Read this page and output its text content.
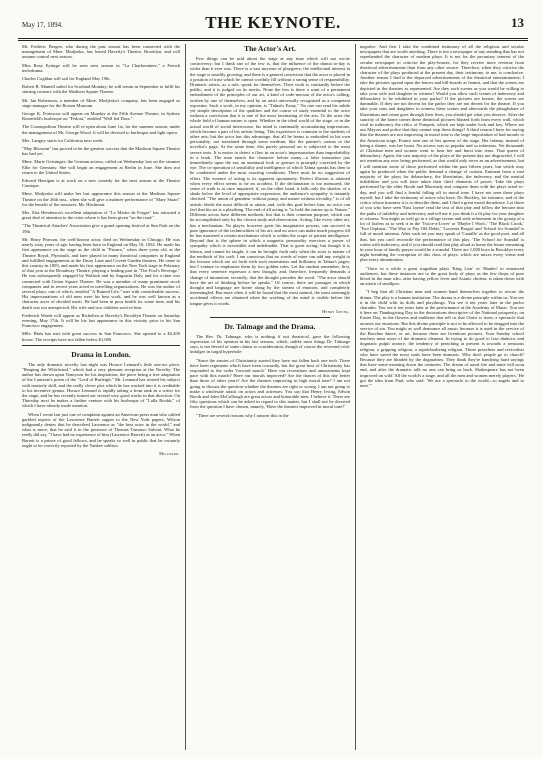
May 17, 1894.	THE KEYNOTE.	13

Mr. Frederic Bergen, who during the past season has been connected with the management of Mme. Modjeska, has leased Haverly's Theatre, Brooklyn, and will assume control next season.

Miss Rose Eytinge will be seen next season in "La Charbonniere," a French melodrama.

Charles Coghlan will sail for England May 19th.

Robert B. Mantell sailed for Scotland Monday; he will return in September to fulfil his starring contract with the Madison Square Theatre.

Mr. Ian Robertson, a member of Mme. Modjeska's company, has been engaged as stage manager for the Boston Museum.

George K. Fortescue will appear on Monday at the Fifth Avenue Theatre, in Sydney Rosenfeld's burlesque on "Fedora," entitled "Well fed Dora."

The Cosmopolitan Theatre will re-open about June 1st, for the summer season, under the management of Mr. George Wood. It will be devoted to burlesque and light opera.

Mrs. Langtry starts for California next week.

"May Blossom" has proved to be the greatest success that the Madison Square Theatre has had yet.

Mme. Marie Geistinger, the German actress, called on Wednesday last on the steamer Elbe for Germany. She will begin an engagement at Berlin in June. She does not return to the United States.

Edward Harrigan is at work on a new comedy for the next season at the Theatre Comique.

Mme. Modjeska will make her last appearance this season at the Madison Square Theatre on the 26th inst., when she will give a matinee performance of "Mary Stuart" for the benefit of the treasurer, Mr. Hitchman.

Mrs. Etta Henderson's excellent adaptation of "Le Maitre de Forges" has attracted a great deal of attention to the cities where it has been given "on the road."

"The Theatrical Attaches' Association give a grand opening festival at Sim Park on the 19th.

Mr. Harry Pearson, the well-known actor, died on Wednesday in Chicago. He was nearly sixty years of age, having been born in England on May 10, 1834. He made his first appearance on the stage as the child in "Pizarro," when three years old, at the Theatre Royal, Plymouth, and later played in many theatrical companies in England and fulfilled engagements at the Drury Lane and Covent Garden theatres. He came to this country in 1859, and made his first appearance on the New York stage in February of that year at the Broadway Theatre, playing a leading part in "The Fool's Revenge." He was subsequently engaged by Wallack and by Augustin Daly, and for a time was connected with Union Square Theatre. He was a member of many prominent stock companies and in recent years acted in travelling organizations. He was the author of several plays, one of which, entitled "A Ruined Life," met with considerable success. His impersonations of old men were his best work, and he was well known as a character actor of decided merit. He had been in poor health for some time, and his death was not unexpected. His wife and two children survive him.

Frederick Warde will appear as Richelieu at Haverly's Brooklyn Theatre on Saturday evening, May 17th. It will be his last appearance in this vicinity prior to his San Francisco engagement.

Mlle. Rhéa has met with great success in San Francisco. She opened to a $2,400 house. The receipts have not fallen below $1,000.

Drama in London.

The only dramatic novelty last night was Horace Lennard's little one-act piece, "Reaping the Whirlwind," which had a very pleasant reception at the Novelty. The author has drawn upon Tennyson for his inspiration, the piece being a free adaptation of the Laureate's poem of the "Lord of Burleigh." Mr. Lennard has treated his subject with masterly skill, and the really clever plot which he has worked into it is creditable to his inventive genius. Horace Lennard is rapidly taking a front rank as a writer for the stage, and he has recently turned out several very good works in that direction. On Thursday next he makes a further venture with his burlesque of "Lalla Rookh," of which I have already made mention.

When I wrote last just one of complaint against an American press man who cabled garbled reports of the Lawrence Barrett supper to the New York papers. Wilson indignantly denies that he described Lawrence as "the best actor in the world," and what is more, that he said it in the presence of Thomas Tomasso Salvini. What he really did say, "I have had no experience of him (Lawrence Barrett) as an actor." When Barrett is a prince of good fellows, and he speaks so well in public that he certainly ought to be correctly reported by the Yankee cablists.

Millward.
The Actor's Art.

Few things can be said about the stage at any time which will not excite controversy; but I think one of the few is, that the influence of the drama to-day is wider than it ever was. There is a vast increase of playgoers; the intellectual interest in the stage is steadily growing; and there is a general conviction that the actor is placed in a position of trust which he cannot worthily fill without a strong sense of responsibility. Dramatic artists, as a rule, speak for themselves. Their work is constantly before the public, and it is judged on its merits. None the less is there a want of a permanent embodiment of the principles of our art, a kind of code-mecum of the actor's calling, written by one of themselves, and by an artist universally recognized as a competent expositor. Such a work, in my opinion, is "Talma's Essay." No one can read his subtle yet simple description of the qualities and the course of study essential to the actor without a conviction that it is one of the most fascinating of the arts. To the actor the whole field of human nature is open. Whether in the ideal world of the stage, or in the actual world of social intercourse, his mind is continually accumulating impressions, which become a part of his artistic being. This experience is common to the students of other arts; but the actor has this advantage, that all he learns is embodied in his own personality, not translated through some medium, like the painter's canvas or the novelist's page. At the same time, this purely personal art is subjected to the most severe tests. It is easier to detect a flaw in an actor's impersonation than improbability in a book. The man enacts the character before many—a false intonation jars immediately upon the ear, an unnatural look or gesture is promptly corrected by the eye. The co-operation of sensibility and intelligence of which Talma speaks has then to be condensed under the most exacting conditions. There must be no suggestion of effort. The essence of acting is its apparent spontaneity. Perfect illusion is attained when every effect seems to be an accident. If the declamation is too measured, the sense of truth is at once impaired; if, on the other hand, it falls only the shadow of a shade below the level of appropriate expression, the audience's sympathy is instantly checked. "The union of grandeur without pomp, and nature without triviality," is of all artistic ideals the most difficult to attain; and, with this goal before him, no actor can feel that his art is a plaything. The end of all acting is "to hold the mirror up to Nature." Different actors have different methods, but that is their common purpose, which can be accomplished only by the closest study and observation. Acting, like every other art, has a mechanism. No player, however great his imaginative powers, can succeed in pure ignorance of the technicalities of his art; and no actor can make much progress till he has mastered a certain mechanism which is within the scope of patient intelligence. Beyond that is the sphere in which a magnetic personality exercises a power of sympathy which is irresistible and indefinable. That is great acting; but though it is inborn, and cannot be taught, it can be brought forth only when the actor is master of the methods of his craft. I am conscious that no words of mine can add any weight to the lessons which are set forth with such earnestness and brilliancy in Talma's pages; but I venture to emphasize them by two golden rules. Let the student remember, first, that every sentence expresses a new thought, and, therefore, frequently demands a change of intonation; secondly, that the thought precedes the word. "The actor should have the art of thinking before he speaks." Of course, there are passages in which thought and language are borne along by the stream of emotion, and completely intermingled. But more often it will be found that the most natural, the most seemingly accidental effects are obtained when the working of the mind is visible before the tongue gives it words.

Henry Irving.
Dr. Talmage and the Drama.

The Rev. Dr. Talmage, who is nothing if not theatrical, gave the following expression of his opinion in his last sermon, which, unlike most things Dr. Talmage says, is not devoid of some claims to consideration, though of course the reverend critic indulges in turgid hyperbole:

"Since the armies of Christianity started they have not fallen back one inch. There have been regiments which have been cowardly, but the great host of Christianity has responded to the order 'forward march.' Have our recreations and amusements kept pace with this march? Have our morals improved? Are the dances of this day better than those of other years? Are the theatres improving in high moral tone? I am not going to discuss the question whether the theatres are right or wrong. I am not going to make a wholesale attack on actors and actresses. You say that Henry Irving, Edwin Booth and John McCullough are great actors and honorable men. I believe it. There are fifty questions which can be asked in regard to this matter, but I shall not be diverted from the question I have chosen, namely, 'Have the theatres improved in moral tone?'

"There are several reasons why I answer this in the

negative. And first I take the combined testimony of all the religious and secular newspapers that are worth anything. There is not a newspaper of any standing that has not reprehended the character of modern plays. It is not for the pecuniary interest of the secular newspaper to criticise the play-houses, for they receive more revenue from theatrical advertisements than from any other source. Therefore, when they criticise the character of the plays produced at the present day, their testimony, to me, is conclusive. Another reason I find is the depraved advertisements of the theatrical entertainments; I take the pictures spread upon the fences and bill-boards as honest, and that the scenes are depicted in the theatres as represented. Are they such scenes as you would be willing to take your wife and daughter to witness? Would you allow such scenes of indecency and debauchery to be exhibited in your parlor? If the pictures are honest, the scenes are damnable. If they are not decent for the parlor they are not decent for the theatre. If you take your sons and daughters to witness these scenes and afterwards the ploughshare of libertinism and crime goes through their lives, you should get what you deserve. After the sanctity of the home comes these theatrical pictures blasted forth from every wall, which rival in indecency the relics of Pompeii, which are kept under lock and key. Where are our Mayors and police that they cannot stop these things? A third reason I have for saying that the theatres are not improving in moral tone is the large importation of bad morals to the American stage. France sent one of her queens of the stage. Her infamy, instead of being a shame, was her boast. No actress was so popular and so infamous. Yet thousands of Christian men and women went to hear her and burst into tears. That queen of debauchery. Again, the vast majority of the plays of the present day are disgraceful. I will not mention any now being performed, as that would only serve as an advertisement, but I will mention some of those performed within the past fifteen years, but which may again be produced when the public demand a change of curtain. Eminent from a vast majority of the plays for debauchery, the libertinism, the indecency and the marital infidelities and you will have taken their chief elements of power. Take the plays performed by the elder Booth and Macready and compare them with the plays acted to-day, and you will find a fearful falling off in moral tone. I have not seen these plays myself, but I take the testimony of actors who have, Dr. Buckley, for instance, and of the critics whose business it is to describe them, and I find a great moral decadence. Let those of you who have seen 'East Lynne' read the text of that play and follow the heroine into the paths of infidelity and indecency and tell me if you think it a fit play for your daughter to witness. You might as well go to a village tavern and seek refinement in the gossip of a lot of loafers as to seek it in the 'Twice-a-Lover' or 'Maybe I Won't,' 'The Black Crook,' 'Two Orphans,' 'The Way to Pay Old Debts,' 'Lucrezia Borgia' and 'School for Scandal' is full of moral miasma. After such art you may speak of 'Camille' as the good poet, and all that, but you can't reconcile the performance of this play. 'The School for Scandal' is rotten with indecency, and if you should read that play aloud at home the house remaining in your hour of family prayer would be a scandal. There are 1,000 boys in Brooklyn every night breathing the corruption of this class of plays, which are mixes every virtue and plea every abomination.

"Once in a while a great tragedian plays 'King Lear' or 'Hamlet' to entranced audiences, but these instances are to the great body of plays as the few drops of pure blood in the man who, after having yellow fever and Asiatic cholera, is taken down with an attack of smallpox.

"I beg that all Christian men and women hand themselves together to rescue the drama. The play is a human institution. The drama is a divine principle within us. You see it in the child with its dolls and playthings. You see it ten years later in the parlor charades. You see it ten years later at the performance at the Academy of Music. You see it here on Thanksgiving Day in the decorations descriptive of the National prosperity; on Easter Day, in the flowers and emblems that tell us that Christ is risen; a spectacle that arouses our emotions. But this divine principle is not to be allowed to be dragged into the service of sin. You might as well denounce all music because it is used in the service of the Bacchus dance, or art, because there are licentious pictures. Your Sunday school teachers must more of the dramatic element. In trying to do good to lose dialectic and dogmatic pulpit oratory; the tendency of preaching at present is towards a sensuous religion, a gripping religion, a sepulchralizing religion. Those preachers and revivalists who have saved the most souls have been dramatic. Why don't people go to church? Because they are blinded by the dogmatism. They think they're bandying hard sayings that have some meaning down the centuries. The dream of naval fire and mine will soon end, and after the dramatic talk no one can bring us back. Shakespeare has not been improved on wild 'All the world's a stage, and all the men and women merely players.' He got the idea from Paul, who said: 'We are a spectacle to the world—to angels and to men.'"
